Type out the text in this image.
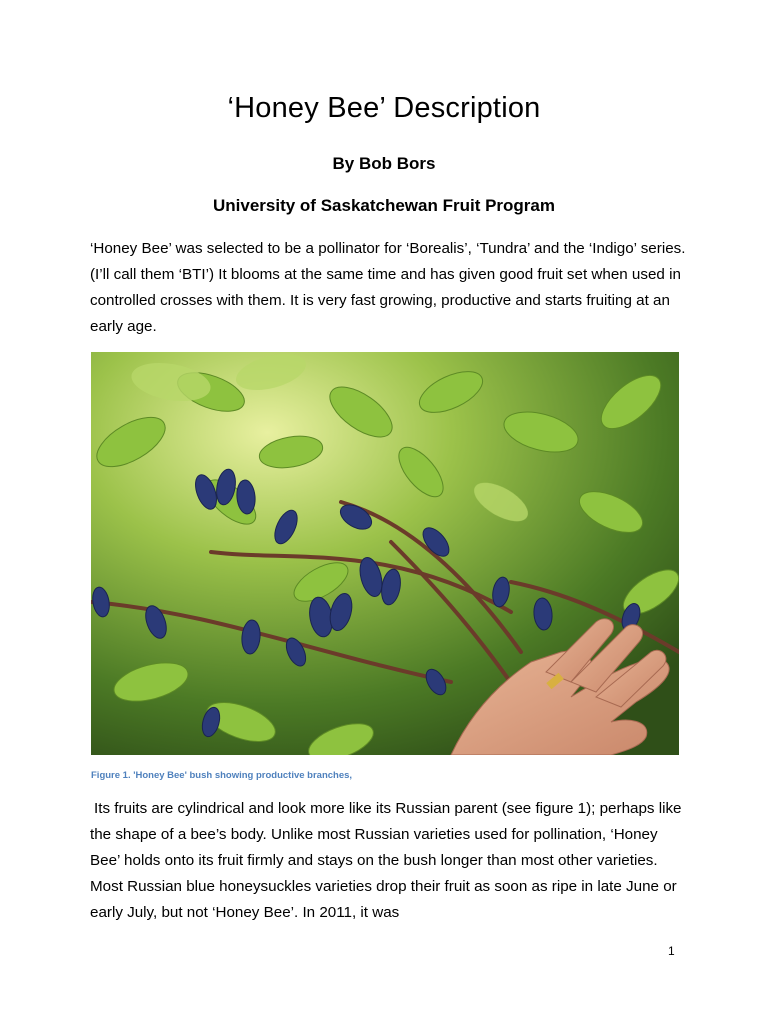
‘Honey Bee’ Description
By Bob Bors
University of Saskatchewan Fruit Program

‘Honey Bee’ was selected to be a pollinator for ‘Borealis’, ‘Tundra’ and the ‘Indigo’ series. (I’ll call them ‘BTI’) It blooms at the same time and has given good fruit set when used in controlled crosses with them. It is very fast growing, productive and starts fruiting at an early age.

Figure 1. 'Honey Bee' bush showing productive branches,

Its fruits are cylindrical and look more like its Russian parent (see figure 1); perhaps like the shape of a bee’s body. Unlike most Russian varieties used for pollination, ‘Honey Bee’ holds onto its fruit firmly and stays on the bush longer than most other varieties. Most Russian blue honeysuckles varieties drop their fruit as soon as ripe in late June or early July, but not ‘Honey Bee’. In 2011, it was

1
